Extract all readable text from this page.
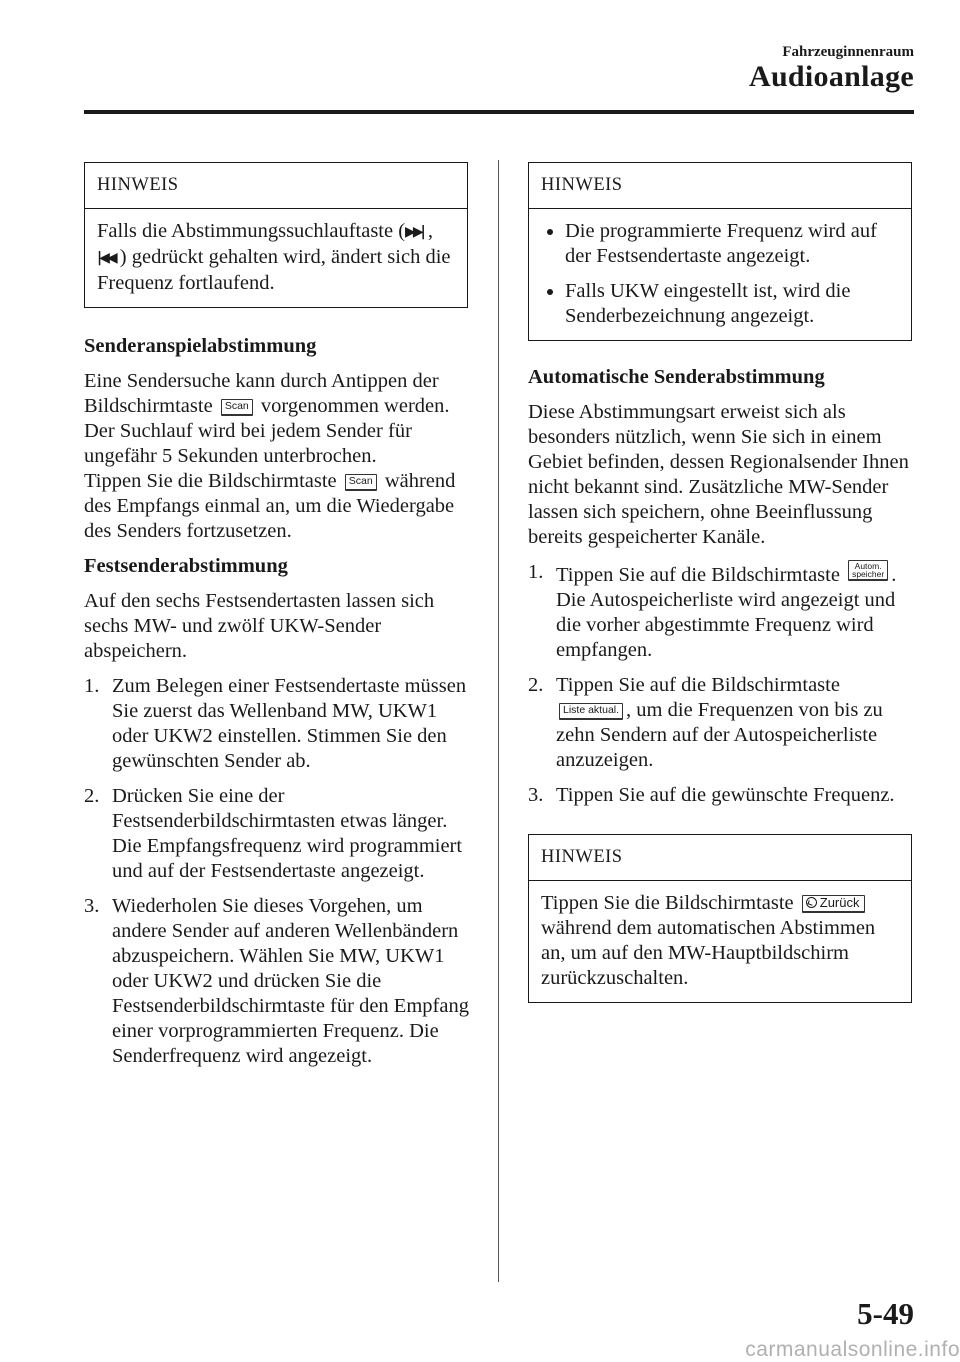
Fahrzeuginnenraum
Audioanlage
HINWEIS
Falls die Abstimmungssuchlauftaste (▶▶| , |◀◀ ) gedrückt gehalten wird, ändert sich die Frequenz fortlaufend.
Senderanspielabstimmung

Eine Sendersuche kann durch Antippen der Bildschirmtaste Scan vorgenommen werden.
Der Suchlauf wird bei jedem Sender für ungefähr 5 Sekunden unterbrochen.
Tippen Sie die Bildschirmtaste Scan während des Empfangs einmal an, um die Wiedergabe des Senders fortzusetzen.

Festsenderabstimmung

Auf den sechs Festsendertasten lassen sich sechs MW- und zwölf UKW-Sender abspeichern.

1. Zum Belegen einer Festsendertaste müssen Sie zuerst das Wellenband MW, UKW1 oder UKW2 einstellen. Stimmen Sie den gewünschten Sender ab.
2. Drücken Sie eine der Festsenderbildschirmtasten etwas länger. Die Empfangsfrequenz wird programmiert und auf der Festsendertaste angezeigt.
3. Wiederholen Sie dieses Vorgehen, um andere Sender auf anderen Wellenbändern abzuspeichern. Wählen Sie MW, UKW1 oder UKW2 und drücken Sie die Festsenderbildschirmtaste für den Empfang einer vorprogrammierten Frequenz. Die Senderfrequenz wird angezeigt.
HINWEIS
Die programmierte Frequenz wird auf der Festsendertaste angezeigt.
Falls UKW eingestellt ist, wird die Senderbezeichnung angezeigt.
Automatische Senderabstimmung

Diese Abstimmungsart erweist sich als besonders nützlich, wenn Sie sich in einem Gebiet befinden, dessen Regionalsender Ihnen nicht bekannt sind. Zusätzliche MW-Sender lassen sich speichern, ohne Beeinflussung bereits gespeicherter Kanäle.

1. Tippen Sie auf die Bildschirmtaste	Autom.
speicher . Die Autospeicherliste wird angezeigt und die vorher abgestimmte Frequenz wird empfangen.
2. Tippen Sie auf die Bildschirmtaste Liste aktual. , um die Frequenzen von bis zu zehn Sendern auf der Autospeicherliste anzuzeigen.
3. Tippen Sie auf die gewünschte Frequenz.
HINWEIS
Tippen Sie die Bildschirmtaste Zurück während dem automatischen Abstimmen an, um auf den MW-Hauptbildschirm zurückzuschalten.
5-49
carmanualsonline.info
